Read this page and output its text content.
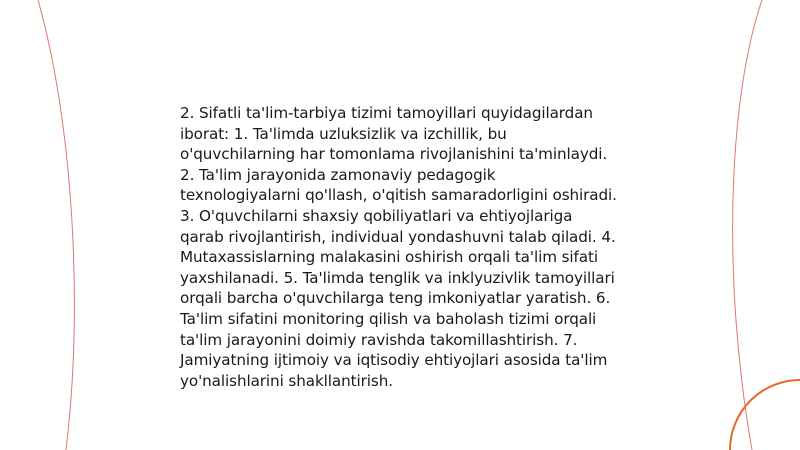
2. Sifatli ta'lim-tarbiya tizimi tamoyillari quyidagilardan iborat: 1. Ta'limda uzluksizlik va izchillik, bu o'quvchilarning har tomonlama rivojlanishini ta'minlaydi. 2. Ta'lim jarayonida zamonaviy pedagogik texnologiyalarni qo'llash, o'qitish samaradorligini oshiradi. 3. O'quvchilarni shaxsiy qobiliyatlari va ehtiyojlariga qarab rivojlantirish, individual yondashuvni talab qiladi. 4. Mutaxassislarning malakasini oshirish orqali ta'lim sifati yaxshilanadi. 5. Ta'limda tenglik va inklyuzivlik tamoyillari orqali barcha o'quvchilarga teng imkoniyatlar yaratish. 6. Ta'lim sifatini monitoring qilish va baholash tizimi orqali ta'lim jarayonini doimiy ravishda takomillashtirish. 7. Jamiyatning ijtimoiy va iqtisodiy ehtiyojlari asosida ta'lim yo'nalishlarini shakllantirish.
